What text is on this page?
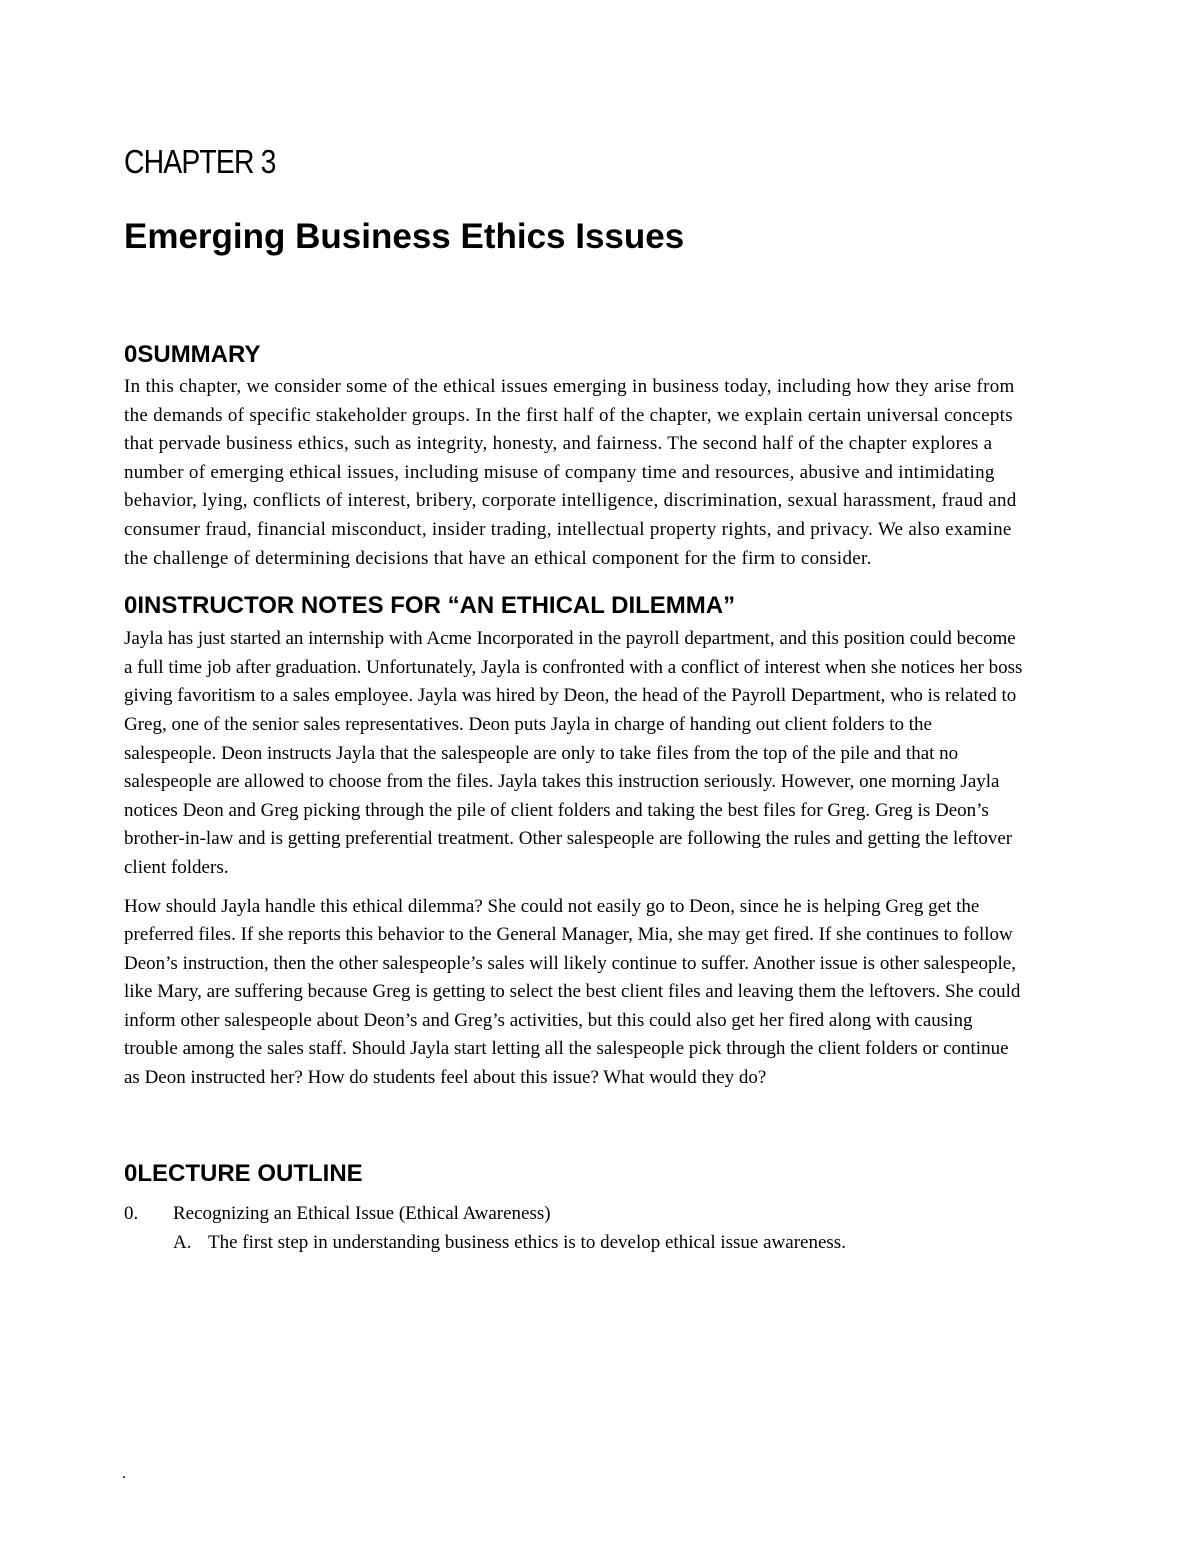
CHAPTER 3
Emerging Business Ethics Issues
0SUMMARY

In this chapter, we consider some of the ethical issues emerging in business today, including how they arise from the demands of specific stakeholder groups. In the first half of the chapter, we explain certain universal concepts that pervade business ethics, such as integrity, honesty, and fairness. The second half of the chapter explores a number of emerging ethical issues, including misuse of company time and resources, abusive and intimidating behavior, lying, conflicts of interest, bribery, corporate intelligence, discrimination, sexual harassment, fraud and consumer fraud, financial misconduct, insider trading, intellectual property rights, and privacy. We also examine the challenge of determining decisions that have an ethical component for the firm to consider.

0INSTRUCTOR NOTES FOR “AN ETHICAL DILEMMA”

Jayla has just started an internship with Acme Incorporated in the payroll department, and this position could become a full time job after graduation. Unfortunately, Jayla is confronted with a conflict of interest when she notices her boss giving favoritism to a sales employee. Jayla was hired by Deon, the head of the Payroll Department, who is related to Greg, one of the senior sales representatives. Deon puts Jayla in charge of handing out client folders to the salespeople. Deon instructs Jayla that the salespeople are only to take files from the top of the pile and that no salespeople are allowed to choose from the files. Jayla takes this instruction seriously. However, one morning Jayla notices Deon and Greg picking through the pile of client folders and taking the best files for Greg. Greg is Deon’s brother-in-law and is getting preferential treatment. Other salespeople are following the rules and getting the leftover client folders.

How should Jayla handle this ethical dilemma? She could not easily go to Deon, since he is helping Greg get the preferred files. If she reports this behavior to the General Manager, Mia, she may get fired. If she continues to follow Deon’s instruction, then the other salespeople’s sales will likely continue to suffer. Another issue is other salespeople, like Mary, are suffering because Greg is getting to select the best client files and leaving them the leftovers. She could inform other salespeople about Deon’s and Greg’s activities, but this could also get her fired along with causing trouble among the sales staff. Should Jayla start letting all the salespeople pick through the client folders or continue as Deon instructed her? How do students feel about this issue? What would they do?

0LECTURE OUTLINE
0.	Recognizing an Ethical Issue (Ethical Awareness)
A. The first step in understanding business ethics is to develop ethical issue awareness.
.
